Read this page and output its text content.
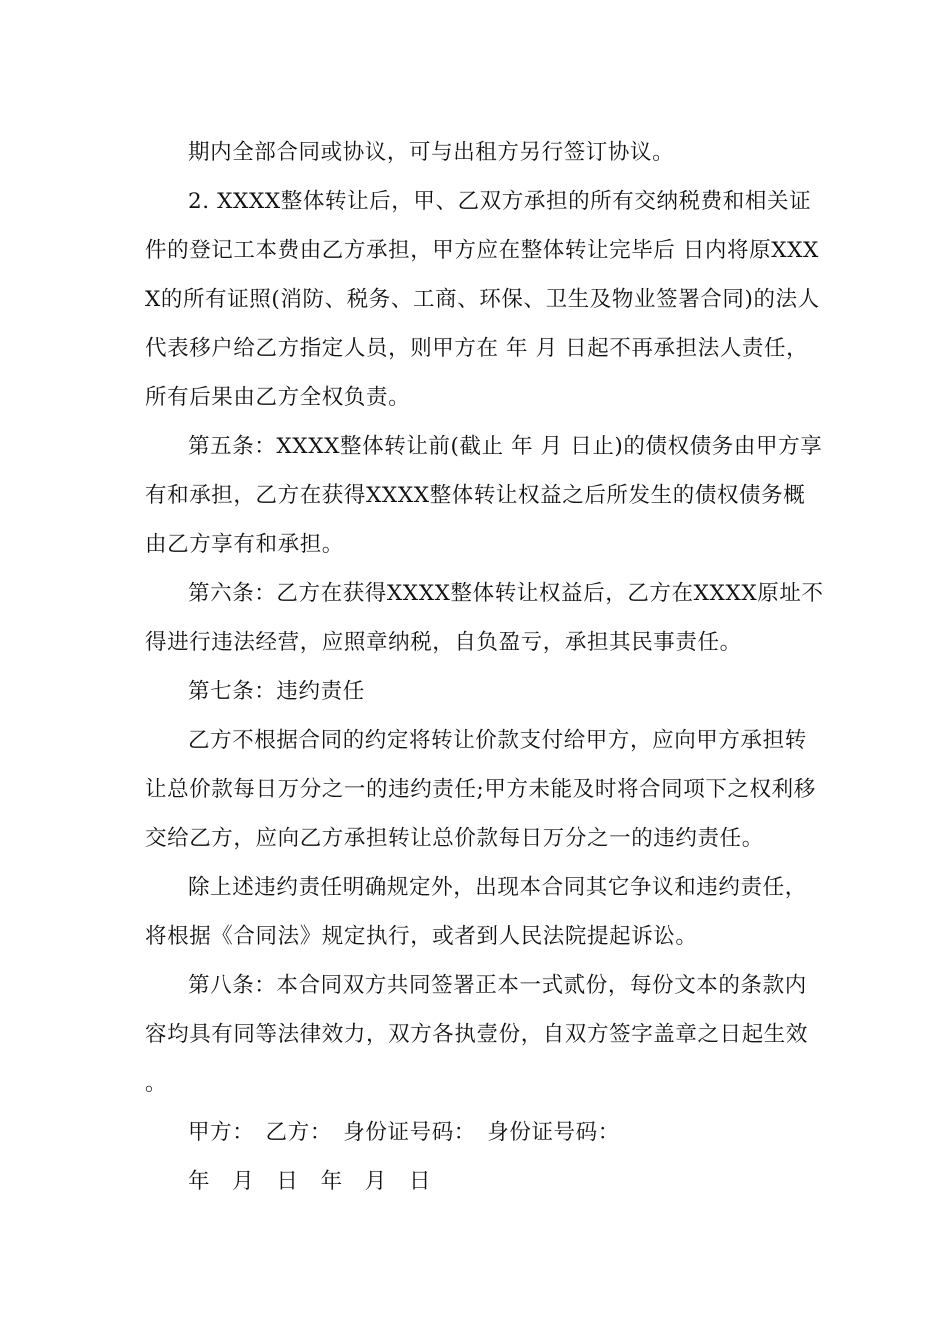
期内全部合同或协议，可与出租方另行签订协议。

2. XXXX整体转让后，甲、乙双方承担的所有交纳税费和相关证件的登记工本费由乙方承担，甲方应在整体转让完毕后 日内将原XXXX的所有证照(消防、税务、工商、环保、卫生及物业签署合同)的法人代表移户给乙方指定人员，则甲方在 年 月 日起不再承担法人责任，所有后果由乙方全权负责。

第五条：XXXX整体转让前(截止 年 月 日止)的债权债务由甲方享有和承担，乙方在获得XXXX整体转让权益之后所发生的债权债务概由乙方享有和承担。

第六条：乙方在获得XXXX整体转让权益后，乙方在XXXX原址不得进行违法经营，应照章纳税，自负盈亏，承担其民事责任。

第七条：违约责任

乙方不根据合同的约定将转让价款支付给甲方，应向甲方承担转让总价款每日万分之一的违约责任;甲方未能及时将合同项下之权利移交给乙方，应向乙方承担转让总价款每日万分之一的违约责任。

除上述违约责任明确规定外，出现本合同其它争议和违约责任，将根据《合同法》规定执行，或者到人民法院提起诉讼。

第八条：本合同双方共同签署正本一式贰份，每份文本的条款内容均具有同等法律效力，双方各执壹份，自双方签字盖章之日起生效。

甲方：　乙方：　身份证号码：　身份证号码：

年　月　日　年　月　日
